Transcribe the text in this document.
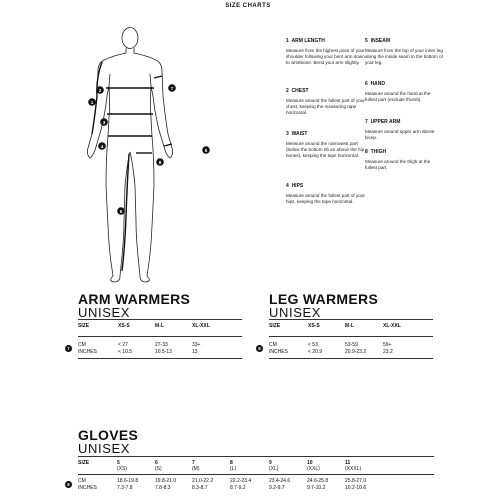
SIZE CHARTS
1
2
3
4
5
6
7
8
1 ARM LENGTH
Measure from the highest point of your shoulder following your bent arm down to wristbone. Bend your arm slightly.
2 CHEST
Measure around the fullest part of your chest, keeping the measuring tape horizontal.
3 WAIST
Measure around the narrowest part (below the bottom rib an above the hip bones), keeping the tape horizontal.
4 HIPS
Measure around the fullest part of your hips, keeping the tape horizontal.
5 INSEAM
Measure from the top of your inner leg along the inside seam to the bottom of your leg.
6 HAND
Measure around the hand at the fullest part (exclude thumb).
7 UPPER ARM
Measure around upper arm above bicep.
8 THIGH
Measure around the thigh at the fullest part.
ARM WARMERS
UNISEX
SIZE	XS-S	M-L	XL-XXL
7
CM	< 27	27-33	33+
INCHES	< 10.5	10.5-13	13
LEG WARMERS
UNISEX
SIZE	XS-S	M-L	XL-XXL
8
CM	< 53	53-59	59+
INCHES	< 20.9	20.9-23.2	23.2
GLOVES
UNISEX
SIZE	5	6	7	8	9	10	11
(XS)	(S)	(M)	(L)	(XL)	(XXL)	(XXXL)
6
CM	18.6-19.8	19.8-21.0	21.0-22.2	22.2-23.4	23.4-24.6	24.6-25.8	25.8-27.0
INCHES	7.3-7.8	7.8-8.3	8.3-8.7	8.7-9.2	9.2-9.7	9.7-10.2	10.2-10.6
